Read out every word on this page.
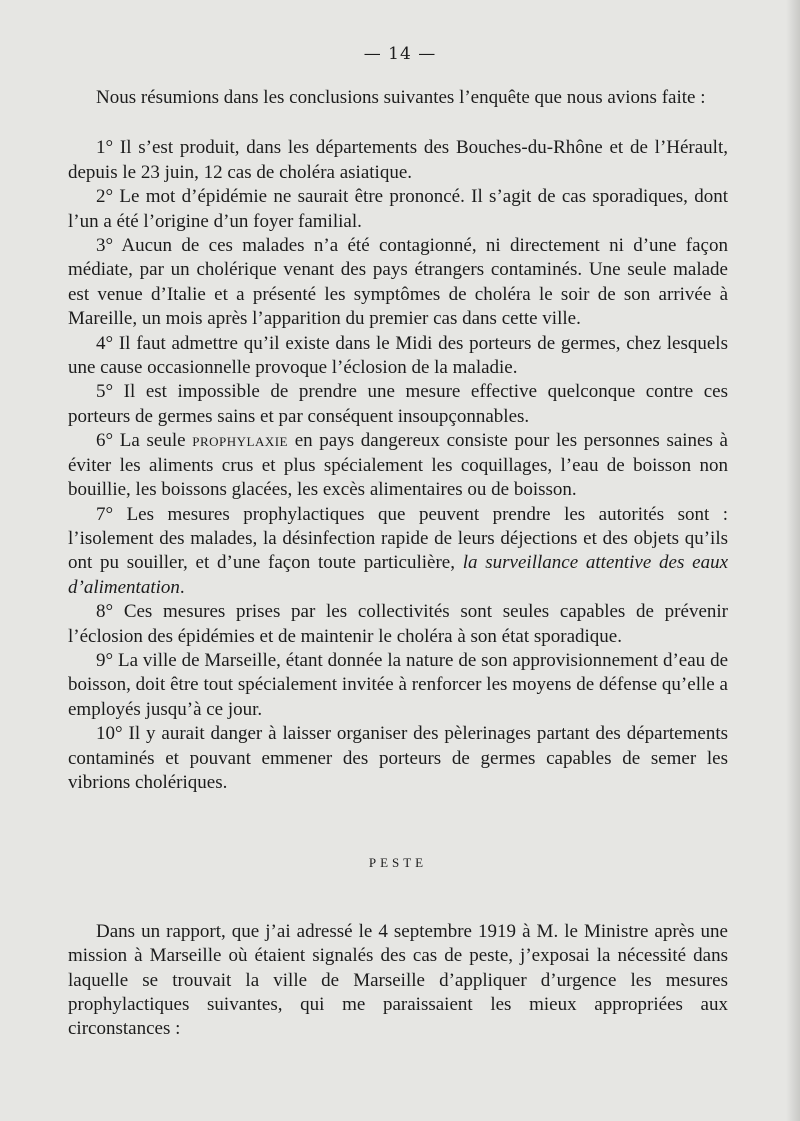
— 14 —

Nous résumions dans les conclusions suivantes l’enquête que nous avions faite :

1° Il s’est produit, dans les départements des Bouches-du-Rhône et de l’Hérault, depuis le 23 juin, 12 cas de choléra asiatique.

2° Le mot d’épidémie ne saurait être prononcé. Il s’agit de cas sporadiques, dont l’un a été l’origine d’un foyer familial.

3° Aucun de ces malades n’a été contagionné, ni directement ni d’une façon médiate, par un cholérique venant des pays étrangers contaminés. Une seule malade est venue d’Italie et a présenté les symptômes de choléra le soir de son arrivée à Mareille, un mois après l’apparition du premier cas dans cette ville.

4° Il faut admettre qu’il existe dans le Midi des porteurs de germes, chez lesquels une cause occasionnelle provoque l’éclosion de la maladie.

5° Il est impossible de prendre une mesure effective quelconque contre ces porteurs de germes sains et par conséquent insoupçonnables.

6° La seule prophylaxie en pays dangereux consiste pour les personnes saines à éviter les aliments crus et plus spécialement les coquillages, l’eau de boisson non bouillie, les boissons glacées, les excès alimentaires ou de boisson.

7° Les mesures prophylactiques que peuvent prendre les autorités sont : l’isolement des malades, la désinfection rapide de leurs déjections et des objets qu’ils ont pu souiller, et d’une façon toute particulière, la surveillance attentive des eaux d’alimentation.

8° Ces mesures prises par les collectivités sont seules capables de prévenir l’éclosion des épidémies et de maintenir le choléra à son état sporadique.

9° La ville de Marseille, étant donnée la nature de son approvisionnement d’eau de boisson, doit être tout spécialement invitée à renforcer les moyens de défense qu’elle a employés jusqu’à ce jour.

10° Il y aurait danger à laisser organiser des pèlerinages partant des départements contaminés et pouvant emmener des porteurs de germes capables de semer les vibrions cholériques.

PESTE

Dans un rapport, que j’ai adressé le 4 septembre 1919 à M. le Ministre après une mission à Marseille où étaient signalés des cas de peste, j’exposai la nécessité dans laquelle se trouvait la ville de Marseille d’appliquer d’urgence les mesures prophylactiques suivantes, qui me paraissaient les mieux appropriées aux circonstances :
